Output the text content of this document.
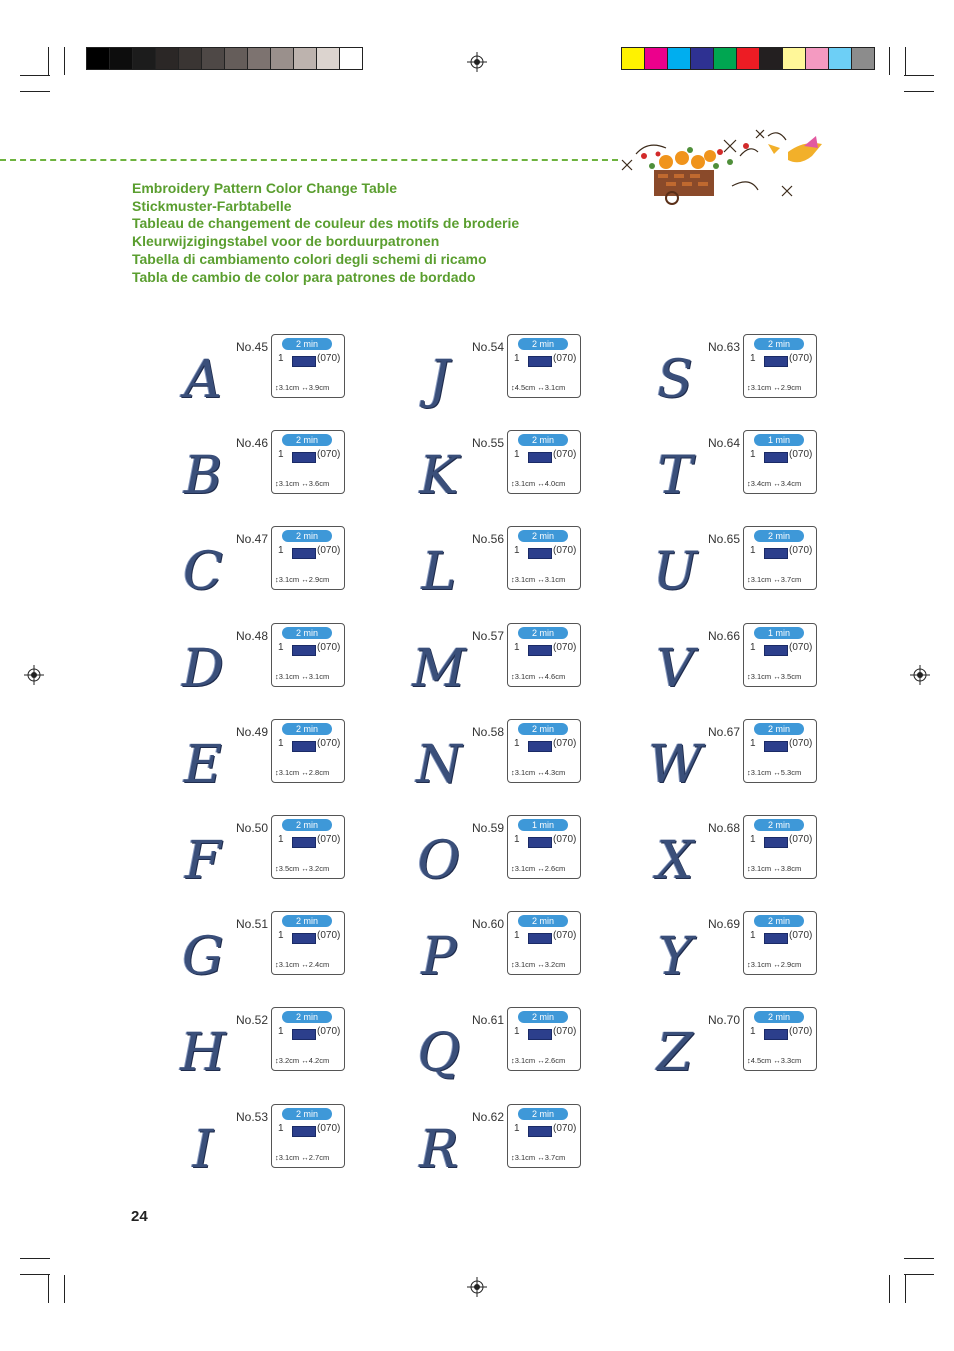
Embroidery Pattern Color Change Table
Stickmuster-Farbtabelle
Tableau de changement de couleur des motifs de broderie
Kleurwijzigingstabel voor de borduurpatronen
Tabella di cambiamento colori degli schemi di ricamo
Tabla de cambio de color para patrones de bordado
A
No.45	2 min
1	(070)
↕3.1cm ↔3.9cm
B
No.46	2 min
1	(070)
↕3.1cm ↔3.6cm
C
No.47	2 min
1	(070)
↕3.1cm ↔2.9cm
D
No.48	2 min
1	(070)
↕3.1cm ↔3.1cm
E
No.49	2 min
1	(070)
↕3.1cm ↔2.8cm
F
No.50	2 min
1	(070)
↕3.5cm ↔3.2cm
G
No.51	2 min
1	(070)
↕3.1cm ↔2.4cm
H
No.52	2 min
1	(070)
↕3.2cm ↔4.2cm
I
No.53	2 min
1	(070)
↕3.1cm ↔2.7cm
J
No.54	2 min
1	(070)
↕4.5cm ↔3.1cm
K
No.55	2 min
1	(070)
↕3.1cm ↔4.0cm
L
No.56	2 min
1	(070)
↕3.1cm ↔3.1cm
M
No.57	2 min
1	(070)
↕3.1cm ↔4.6cm
N
No.58	2 min
1	(070)
↕3.1cm ↔4.3cm
O
No.59	1 min
1	(070)
↕3.1cm ↔2.6cm
P
No.60	2 min
1	(070)
↕3.1cm ↔3.2cm
Q
No.61	2 min
1	(070)
↕3.1cm ↔2.6cm
R
No.62	2 min
1	(070)
↕3.1cm ↔3.7cm
S
No.63	2 min
1	(070)
↕3.1cm ↔2.9cm
T
No.64	1 min
1	(070)
↕3.4cm ↔3.4cm
U
No.65	2 min
1	(070)
↕3.1cm ↔3.7cm
V
No.66	1 min
1	(070)
↕3.1cm ↔3.5cm
W
No.67	2 min
1	(070)
↕3.1cm ↔5.3cm
X
No.68	2 min
1	(070)
↕3.1cm ↔3.8cm
Y
No.69	2 min
1	(070)
↕3.1cm ↔2.9cm
Z
No.70	2 min
1	(070)
↕4.5cm ↔3.3cm
24
